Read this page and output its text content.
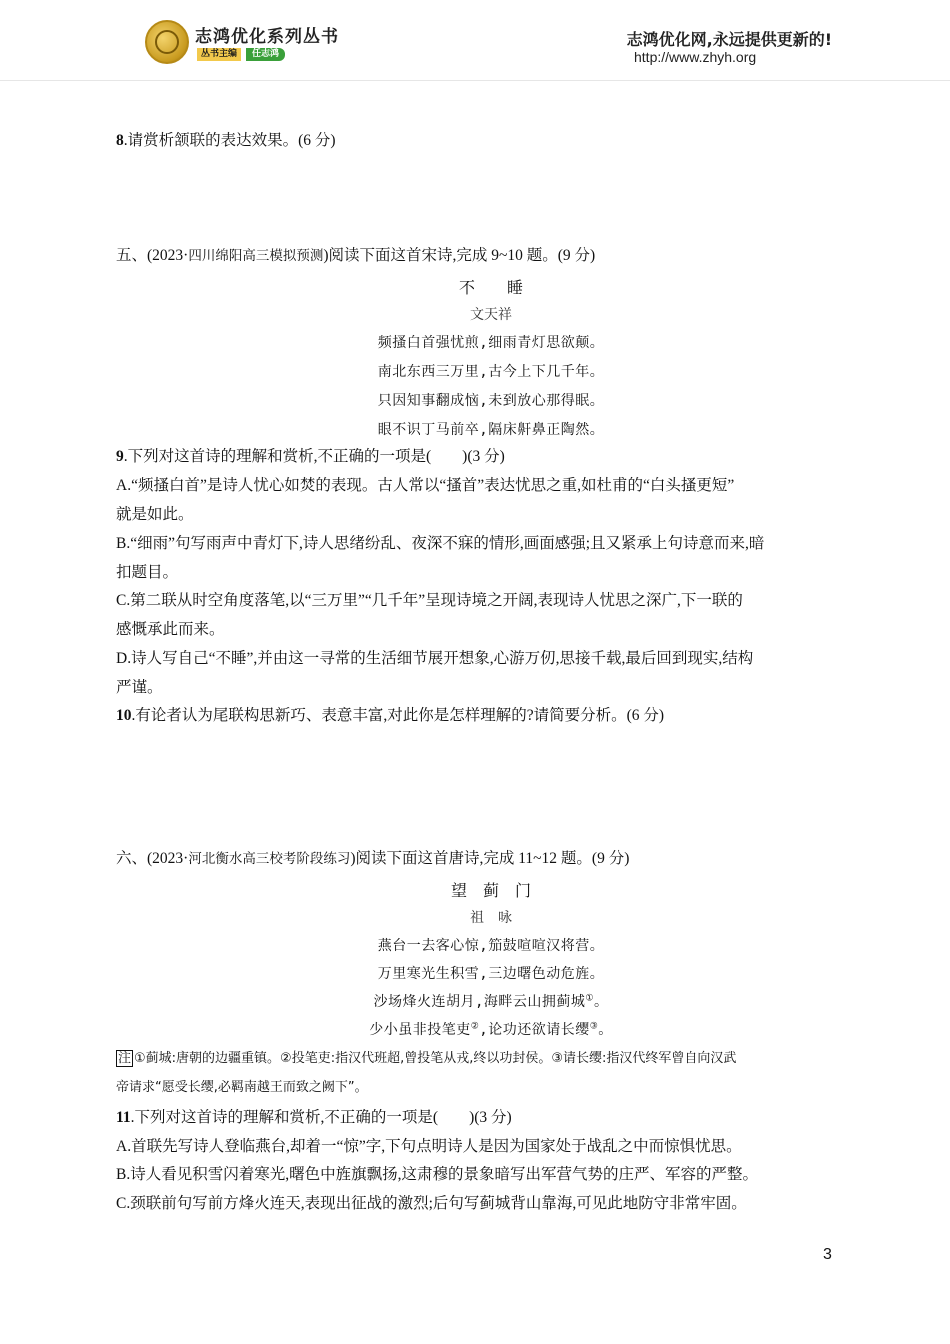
志鸿优化系列丛书
丛书主编	任志鸿
志鸿优化网,永远提供更新的!
http://www.zhyh.org
8.请赏析颔联的表达效果。(6 分)
五、(2023·四川绵阳高三模拟预测)阅读下面这首宋诗,完成 9~10 题。(9 分)
不　　睡
文天祥
频搔白首强忧煎,细雨青灯思欲颠。
南北东西三万里,古今上下几千年。
只因知事翻成恼,未到放心那得眠。
眼不识丁马前卒,隔床鼾鼻正陶然。
9.下列对这首诗的理解和赏析,不正确的一项是(　　)(3 分)
A.“频搔白首”是诗人忧心如焚的表现。古人常以“搔首”表达忧思之重,如杜甫的“白头搔更短”
就是如此。
B.“细雨”句写雨声中青灯下,诗人思绪纷乱、夜深不寐的情形,画面感强;且又紧承上句诗意而来,暗
扣题目。
C.第二联从时空角度落笔,以“三万里”“几千年”呈现诗境之开阔,表现诗人忧思之深广,下一联的
感慨承此而来。
D.诗人写自己“不睡”,并由这一寻常的生活细节展开想象,心游万仞,思接千载,最后回到现实,结构
严谨。
10.有论者认为尾联构思新巧、表意丰富,对此你是怎样理解的?请简要分析。(6 分)
六、(2023·河北衡水高三校考阶段练习)阅读下面这首唐诗,完成 11~12 题。(9 分)
望　蓟　门
祖　咏
燕台一去客心惊,笳鼓喧喧汉将营。
万里寒光生积雪,三边曙色动危旌。
沙场烽火连胡月,海畔云山拥蓟城①。
少小虽非投笔吏②,论功还欲请长缨③。
注 ①蓟城:唐朝的边疆重镇。②投笔吏:指汉代班超,曾投笔从戎,终以功封侯。③请长缨:指汉代终军曾自向汉武
帝请求“愿受长缨,必羁南越王而致之阙下”。
11.下列对这首诗的理解和赏析,不正确的一项是(　　)(3 分)
A.首联先写诗人登临燕台,却着一“惊”字,下句点明诗人是因为国家处于战乱之中而惊惧忧思。
B.诗人看见积雪闪着寒光,曙色中旌旗飘扬,这肃穆的景象暗写出军营气势的庄严、军容的严整。
C.颈联前句写前方烽火连天,表现出征战的激烈;后句写蓟城背山靠海,可见此地防守非常牢固。
3
